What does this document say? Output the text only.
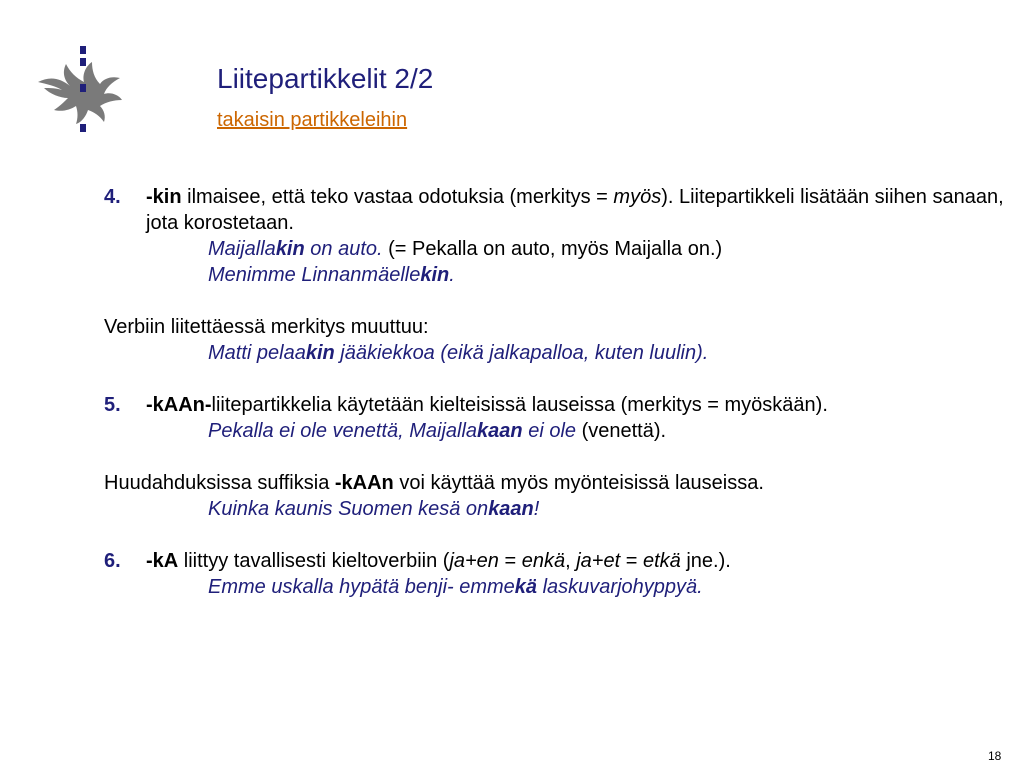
Liitepartikkelit 2/2
takaisin partikkeleihin
4. -kin ilmaisee, että teko vastaa odotuksia (merkitys = myös). Liitepartikkeli lisätään siihen sanaan, jota korostetaan.
Maijallakin on auto. (= Pekalla on auto, myös Maijalla on.)
Menimme Linnanmäellekin.
Verbiin liitettäessä merkitys muuttuu:
Matti pelaakin jääkiekkoa (eikä jalkapalloa, kuten luulin).
5. -kAAn-liitepartikkelia käytetään kielteisissä lauseissa (merkitys = myöskään).
Pekalla ei ole venettä, Maijallakaan ei ole (venettä).
Huudahduksissa suffiksia -kAAn voi käyttää myös myönteisissä lauseissa.
Kuinka kaunis Suomen kesä onkaan!
6. -kA liittyy tavallisesti kieltoverbiin (ja+en = enkä, ja+et = etkä jne.).
Emme uskalla hypätä benji- emmekä laskuvarjohyppyä.
18
